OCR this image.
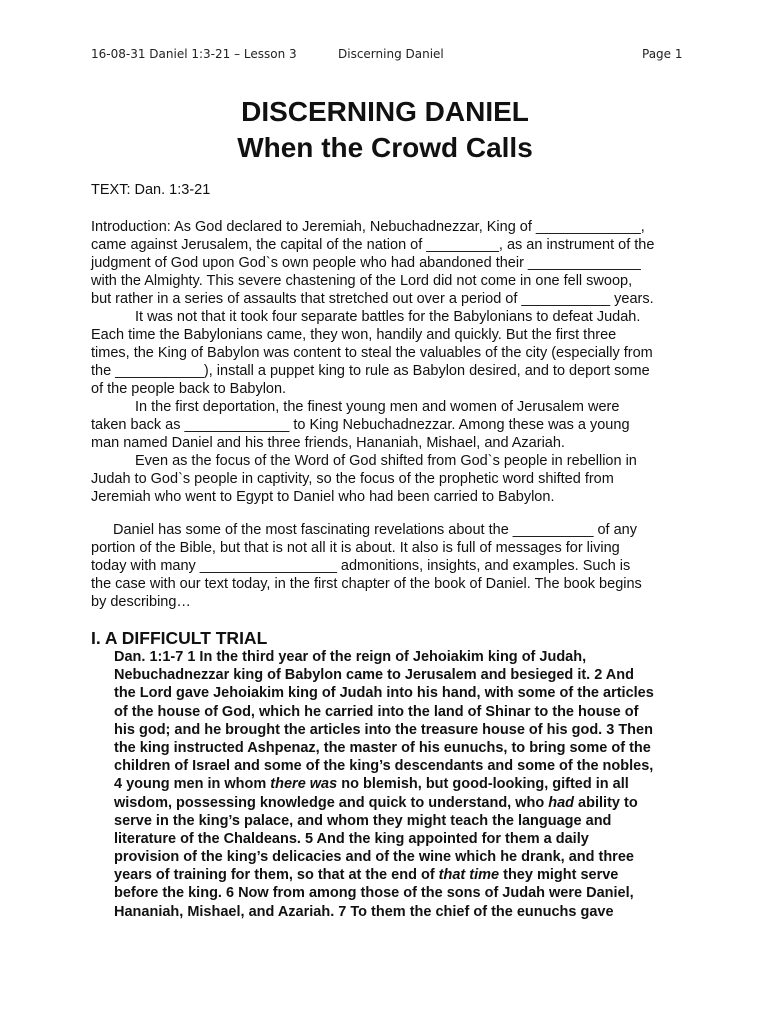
16-08-31 Daniel 1:3-21 – Lesson 3	Discerning Daniel	Page 1
DISCERNING DANIEL
When the Crowd Calls
TEXT: Dan. 1:3-21
Introduction: As God declared to Jeremiah, Nebuchadnezzar, King of _____________,
came against Jerusalem, the capital of the nation of _________, as an instrument of the
judgment of God upon God`s own people who had abandoned their ______________
with the Almighty. This severe chastening of the Lord did not come in one fell swoop,
but rather in a series of assaults that stretched out over a period of ___________ years.
It was not that it took four separate battles for the Babylonians to defeat Judah.
Each time the Babylonians came, they won, handily and quickly. But the first three
times, the King of Babylon was content to steal the valuables of the city (especially from
the ___________), install a puppet king to rule as Babylon desired, and to deport some
of the people back to Babylon.
In the first deportation, the finest young men and women of Jerusalem were
taken back as _____________ to King Nebuchadnezzar. Among these was a young
man named Daniel and his three friends, Hananiah, Mishael, and Azariah.
Even as the focus of the Word of God shifted from God`s people in rebellion in
Judah to God`s people in captivity, so the focus of the prophetic word shifted from
Jeremiah who went to Egypt to Daniel who had been carried to Babylon.
Daniel has some of the most fascinating revelations about the __________ of any
portion of the Bible, but that is not all it is about. It also is full of messages for living
today with many _________________ admonitions, insights, and examples. Such is
the case with our text today, in the first chapter of the book of Daniel. The book begins
by describing…
I. A DIFFICULT TRIAL
Dan. 1:1-7 1 In the third year of the reign of Jehoiakim king of Judah,
Nebuchadnezzar king of Babylon came to Jerusalem and besieged it. 2 And
the Lord gave Jehoiakim king of Judah into his hand, with some of the articles
of the house of God, which he carried into the land of Shinar to the house of
his god; and he brought the articles into the treasure house of his god. 3 Then
the king instructed Ashpenaz, the master of his eunuchs, to bring some of the
children of Israel and some of the king’s descendants and some of the nobles,
4 young men in whom there was no blemish, but good-looking, gifted in all
wisdom, possessing knowledge and quick to understand, who had ability to
serve in the king’s palace, and whom they might teach the language and
literature of the Chaldeans. 5 And the king appointed for them a daily
provision of the king’s delicacies and of the wine which he drank, and three
years of training for them, so that at the end of that time they might serve
before the king. 6 Now from among those of the sons of Judah were Daniel,
Hananiah, Mishael, and Azariah. 7 To them the chief of the eunuchs gave
